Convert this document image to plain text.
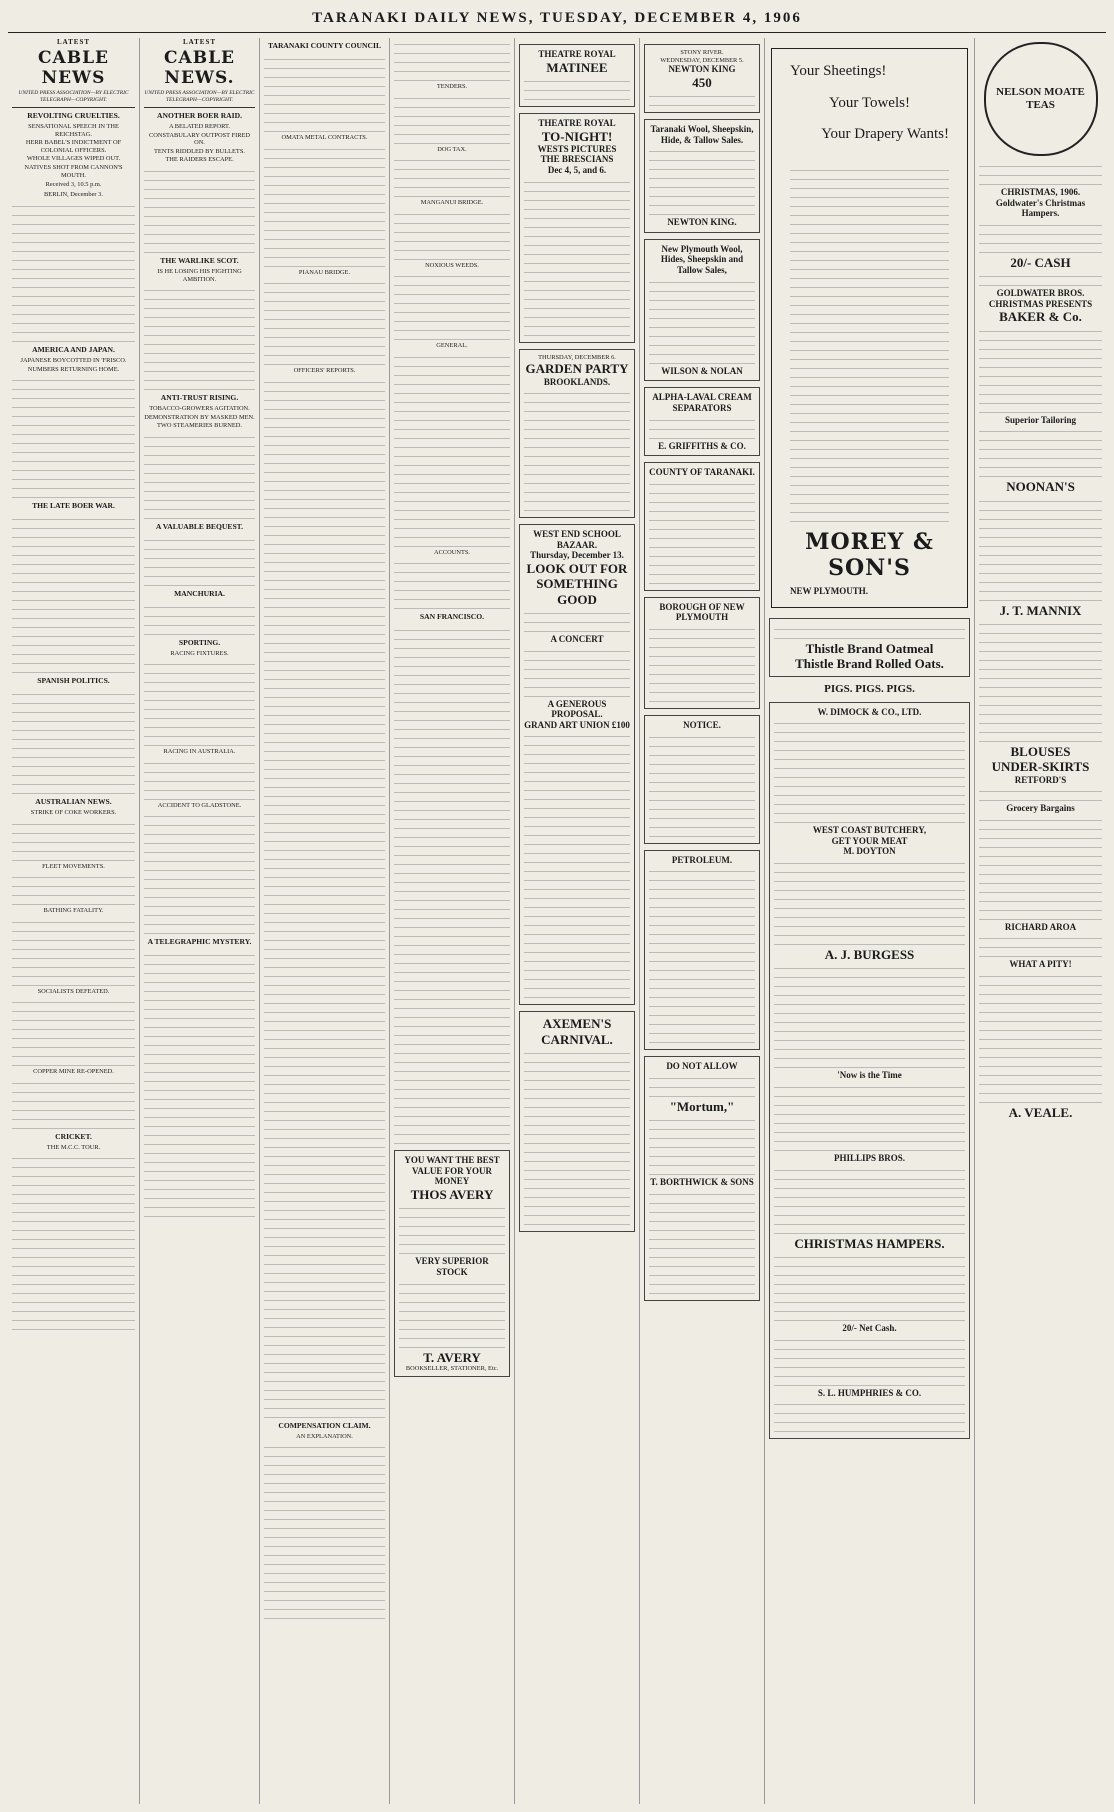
TARANAKI DAILY NEWS, TUESDAY, DECEMBER 4, 1906
LATEST
CABLE NEWS
UNITED PRESS ASSOCIATION—BY ELECTRIC TELEGRAPH—COPYRIGHT.
REVOLTING CRUELTIES.
SENSATIONAL SPEECH IN THE REICHSTAG.
HERR BABEL'S INDICTMENT OF COLONIAL OFFICERS.
WHOLE VILLAGES WIPED OUT.
NATIVES SHOT FROM CANNON'S MOUTH.
Received 3, 10.5 p.m.
BERLIN, December 3.
AMERICA AND JAPAN.
JAPANESE BOYCOTTED IN 'FRISCO.
NUMBERS RETURNING HOME.
THE LATE BOER WAR.
SPANISH POLITICS.
AUSTRALIAN NEWS.
STRIKE OF COKE WORKERS.
FLEET MOVEMENTS.
BATHING FATALITY.
SOCIALISTS DEFEATED.
COPPER MINE RE-OPENED.
CRICKET.
THE M.C.C. TOUR.
LATEST
CABLE NEWS.
UNITED PRESS ASSOCIATION—BY ELECTRIC TELEGRAPH—COPYRIGHT.
ANOTHER BOER RAID.
A BELATED REPORT.
CONSTABULARY OUTPOST FIRED ON.
TENTS RIDDLED BY BULLETS.
THE RAIDERS ESCAPE.
THE WARLIKE SCOT.
IS HE LOSING HIS FIGHTING AMBITION.
ANTI-TRUST RISING.
TOBACCO-GROWERS AGITATION.
DEMONSTRATION BY MASKED MEN.
TWO STEAMERIES BURNED.
A VALUABLE BEQUEST.
MANCHURIA.
SPORTING.
RACING FIXTURES.
RACING IN AUSTRALIA.
ACCIDENT TO GLADSTONE.
A TELEGRAPHIC MYSTERY.
TARANAKI COUNTY COUNCIL
OMATA METAL CONTRACTS.
PIANAU BRIDGE.
OFFICERS' REPORTS.
COMPENSATION CLAIM.
AN EXPLANATION.
TENDERS.
DOG TAX.
MANGANUI BRIDGE.
NOXIOUS WEEDS.
GENERAL.
ACCOUNTS.
SAN FRANCISCO.
YOU WANT THE BEST VALUE FOR YOUR MONEY
THOS AVERY
VERY SUPERIOR STOCK
T. AVERY
BOOKSELLER, STATIONER, Etc.
THEATRE ROYAL
MATINEE
THEATRE ROYAL
TO-NIGHT!
WESTS PICTURES
THE BRESCIANS
Dec 4, 5, and 6.
THURSDAY, DECEMBER 6.
GARDEN PARTY
BROOKLANDS.
WEST END SCHOOL BAZAAR.
Thursday, December 13.
LOOK OUT FOR SOMETHING GOOD
A CONCERT
A GENEROUS PROPOSAL.
GRAND ART UNION £100
AXEMEN'S CARNIVAL.
STONY RIVER.
WEDNESDAY, DECEMBER 5.
NEWTON KING
450
Taranaki Wool, Sheepskin, Hide, & Tallow Sales.
NEWTON KING.
New Plymouth Wool, Hides, Sheepskin and Tallow Sales,
WILSON & NOLAN
ALPHA-LAVAL CREAM SEPARATORS
E. GRIFFITHS & CO.
COUNTY OF TARANAKI.
BOROUGH OF NEW PLYMOUTH
NOTICE.
PETROLEUM.
DO NOT ALLOW
"Mortum,"
T. BORTHWICK & SONS
Your Sheetings!
Your Towels!
Your Drapery Wants!
MOREY & SON'S
NEW PLYMOUTH.
Thistle Brand Oatmeal
Thistle Brand Rolled Oats.
PIGS. PIGS. PIGS.
W. DIMOCK & CO., LTD.
WEST COAST BUTCHERY,
GET YOUR MEAT
M. DOYTON
A. J. BURGESS
'Now is the Time
PHILLIPS BROS.
CHRISTMAS HAMPERS.
20/- Net Cash.
S. L. HUMPHRIES & CO.
NELSON MOATE
TEAS
CHRISTMAS, 1906.
Goldwater's Christmas Hampers.
20/- CASH
GOLDWATER BROS.
CHRISTMAS PRESENTS
BAKER & Co.
Superior Tailoring
NOONAN'S
J. T. MANNIX
BLOUSES
UNDER-SKIRTS
RETFORD'S
Grocery Bargains
RICHARD AROA
WHAT A PITY!
A. VEALE.
